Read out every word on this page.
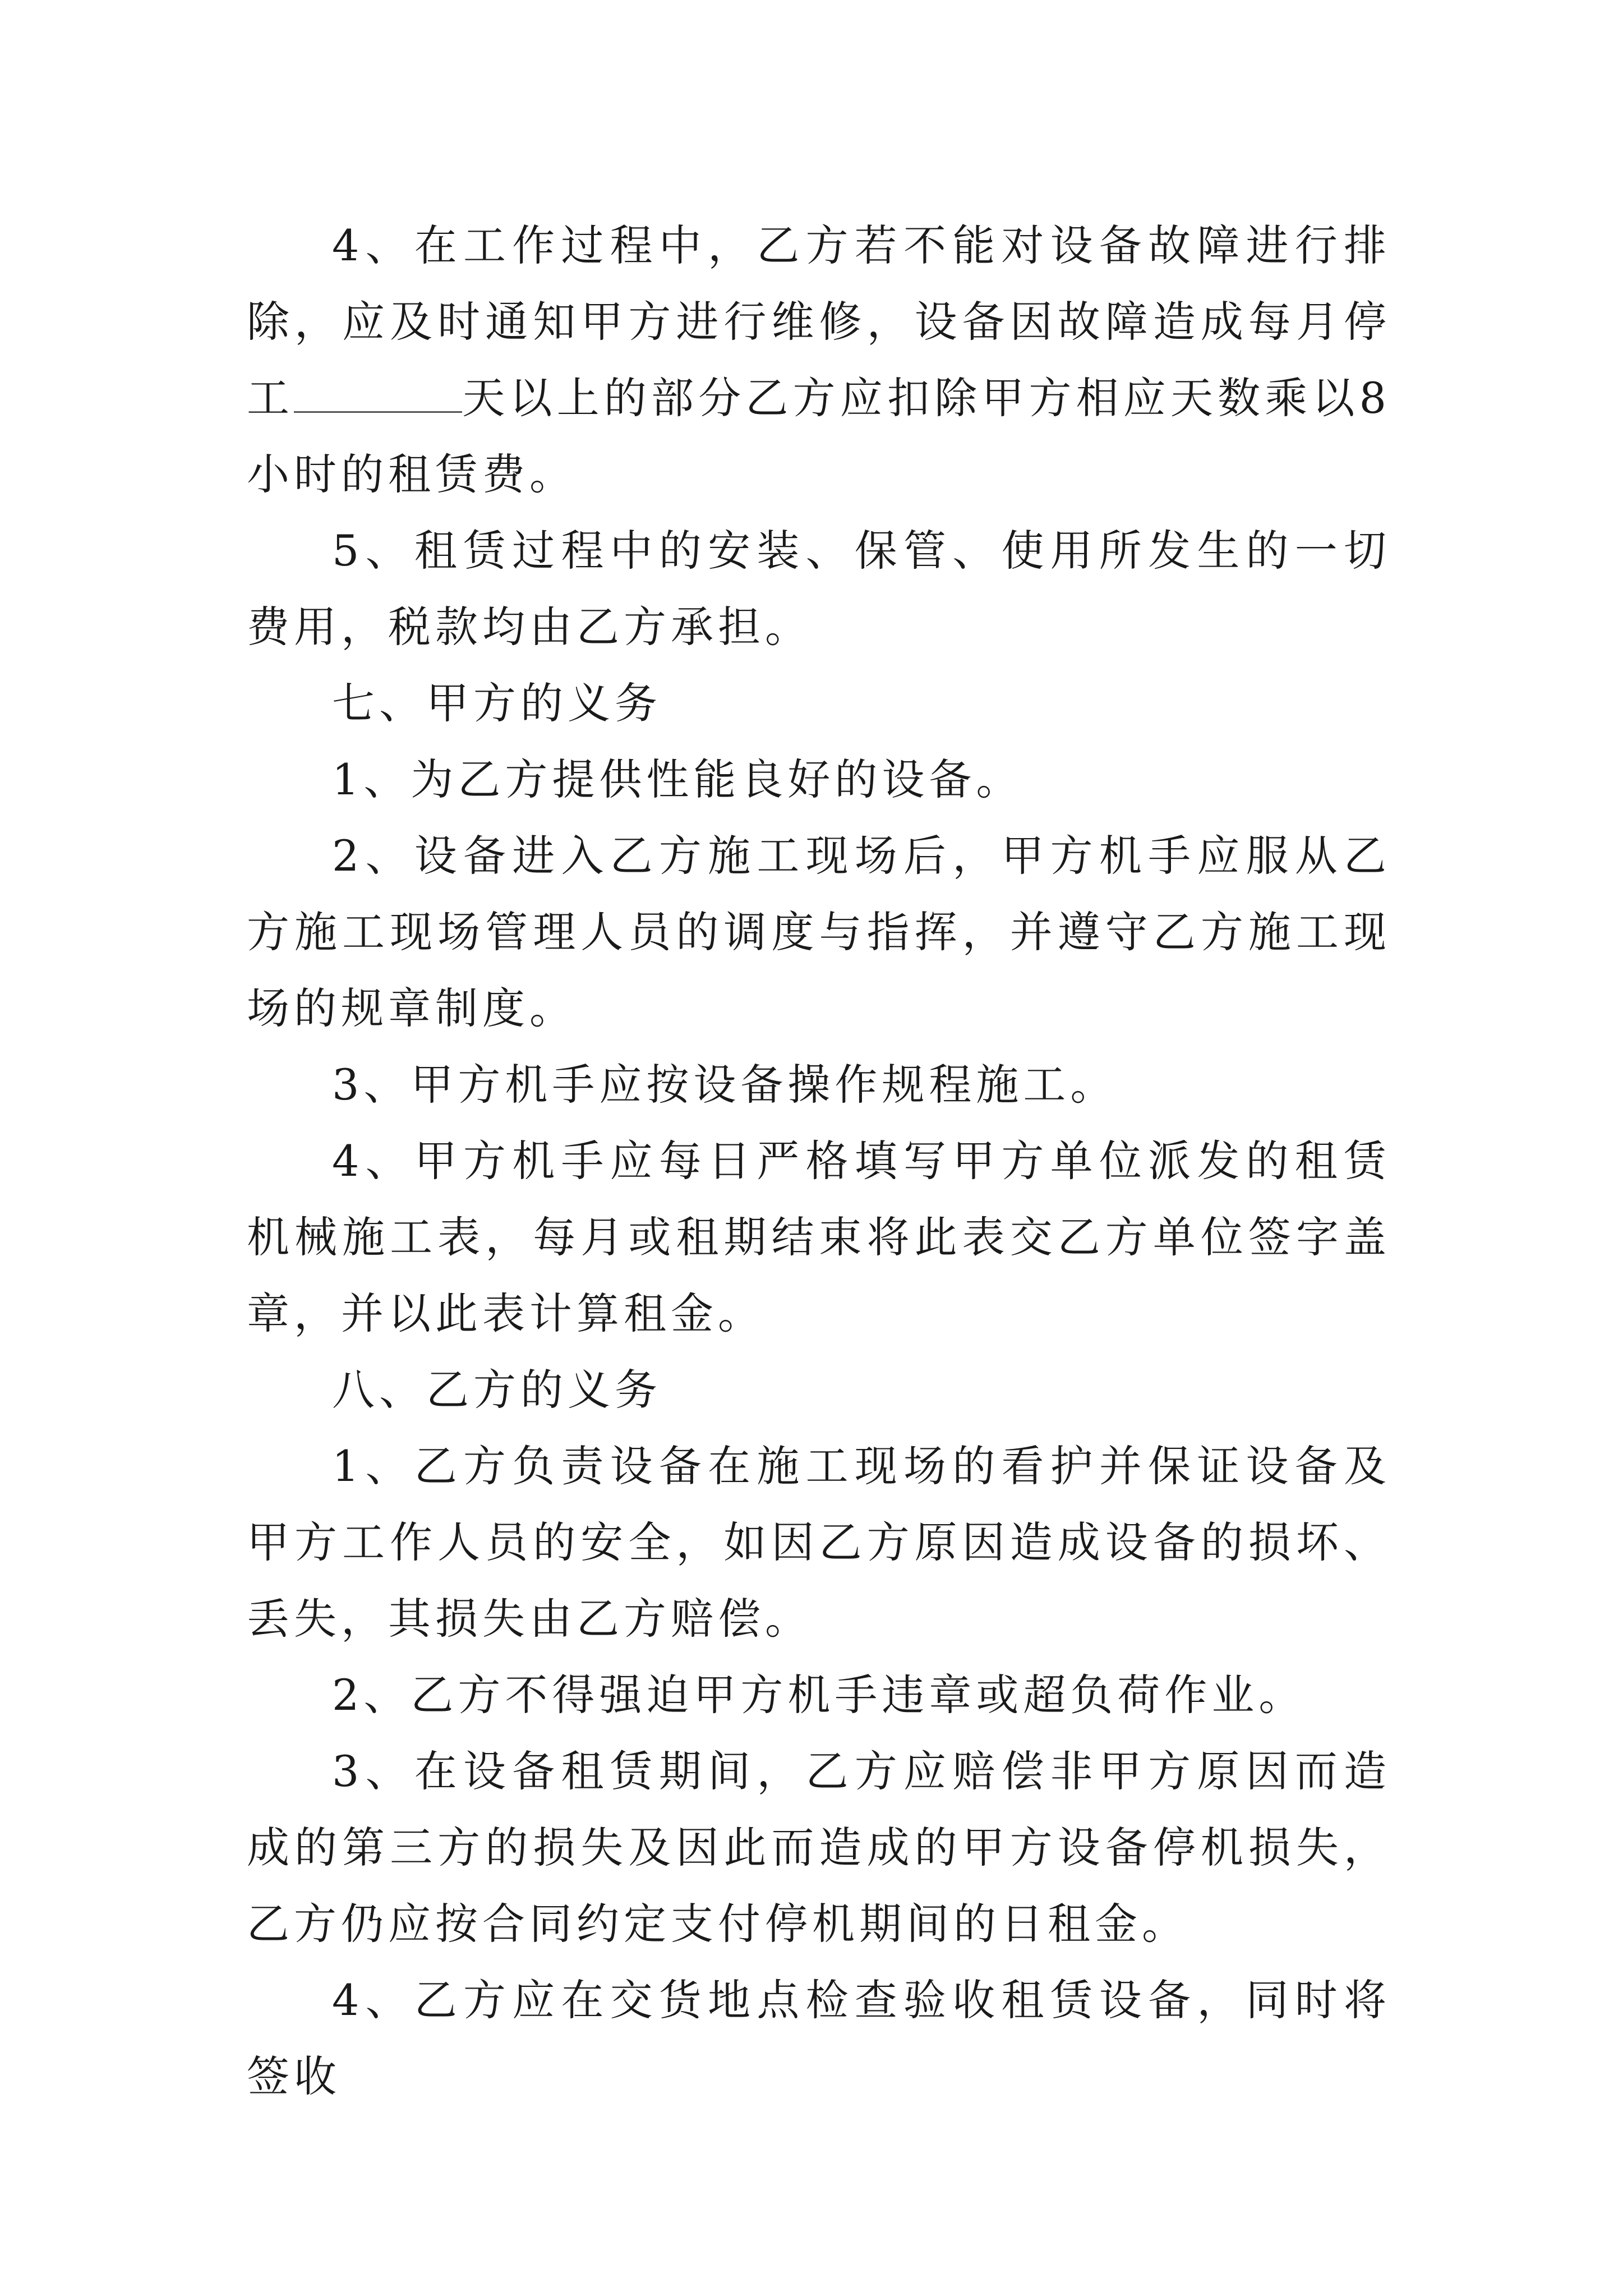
4、在工作过程中，乙方若不能对设备故障进行排除，应及时通知甲方进行维修，设备因故障造成每月停工	天以上的部分乙方应扣除甲方相应天数乘以8小时的租赁费。

5、租赁过程中的安装、保管、使用所发生的一切费用，税款均由乙方承担。

七、甲方的义务

1、为乙方提供性能良好的设备。

2、设备进入乙方施工现场后，甲方机手应服从乙方施工现场管理人员的调度与指挥，并遵守乙方施工现场的规章制度。

3、甲方机手应按设备操作规程施工。

4、甲方机手应每日严格填写甲方单位派发的租赁机械施工表，每月或租期结束将此表交乙方单位签字盖章，并以此表计算租金。

八、乙方的义务

1、乙方负责设备在施工现场的看护并保证设备及甲方工作人员的安全，如因乙方原因造成设备的损坏、丢失，其损失由乙方赔偿。

2、乙方不得强迫甲方机手违章或超负荷作业。

3、在设备租赁期间，乙方应赔偿非甲方原因而造成的第三方的损失及因此而造成的甲方设备停机损失，乙方仍应按合同约定支付停机期间的日租金。

4、乙方应在交货地点检查验收租赁设备，同时将签收
